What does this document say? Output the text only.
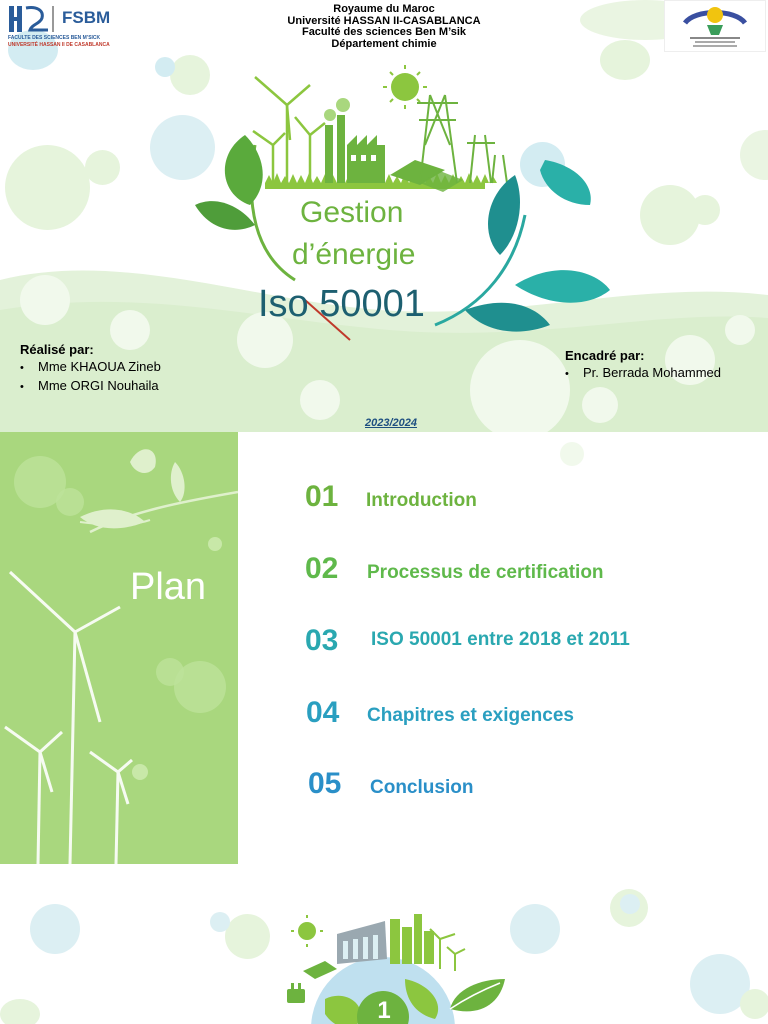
FSBM
FACULTE DES SCIENCES BEN M’SICK
UNIVERSITÉ HASSAN II DE CASABLANCA
Royaume du Maroc
Université HASSAN II-CASABLANCA
Faculté des sciences Ben M’sik
Département chimie
Gestion
d’énergie
Iso 50001
Réalisé par:
• Mme KHAOUA Zineb
• Mme ORGI Nouhaila
Encadré par:
• Pr. Berrada Mohammed
2023/2024
Plan
01 Introduction
02 Processus de certification
03 ISO 50001 entre 2018 et 2011
04 Chapitres et exigences
05 Conclusion
1
